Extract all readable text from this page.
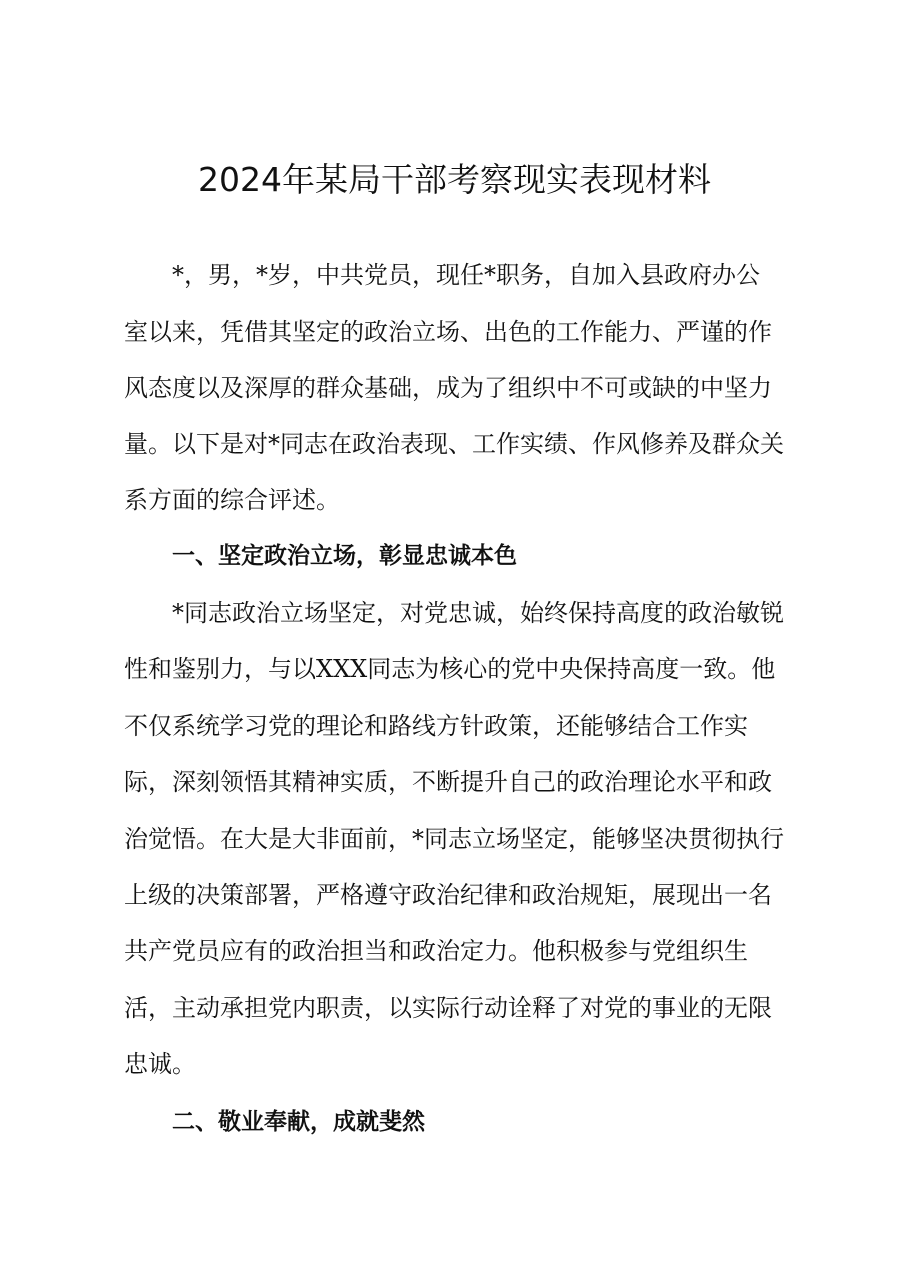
2024年某局干部考察现实表现材料

*，男，*岁，中共党员，现任*职务，自加入县政府办公

室以来，凭借其坚定的政治立场、出色的工作能力、严谨的作

风态度以及深厚的群众基础，成为了组织中不可或缺的中坚力

量。以下是对*同志在政治表现、工作实绩、作风修养及群众关

系方面的综合评述。

一、坚定政治立场，彰显忠诚本色

*同志政治立场坚定，对党忠诚，始终保持高度的政治敏锐

性和鉴别力，与以XXX同志为核心的党中央保持高度一致。他

不仅系统学习党的理论和路线方针政策，还能够结合工作实

际，深刻领悟其精神实质，不断提升自己的政治理论水平和政

治觉悟。在大是大非面前，*同志立场坚定，能够坚决贯彻执行

上级的决策部署，严格遵守政治纪律和政治规矩，展现出一名

共产党员应有的政治担当和政治定力。他积极参与党组织生

活，主动承担党内职责，以实际行动诠释了对党的事业的无限

忠诚。

二、敬业奉献，成就斐然
